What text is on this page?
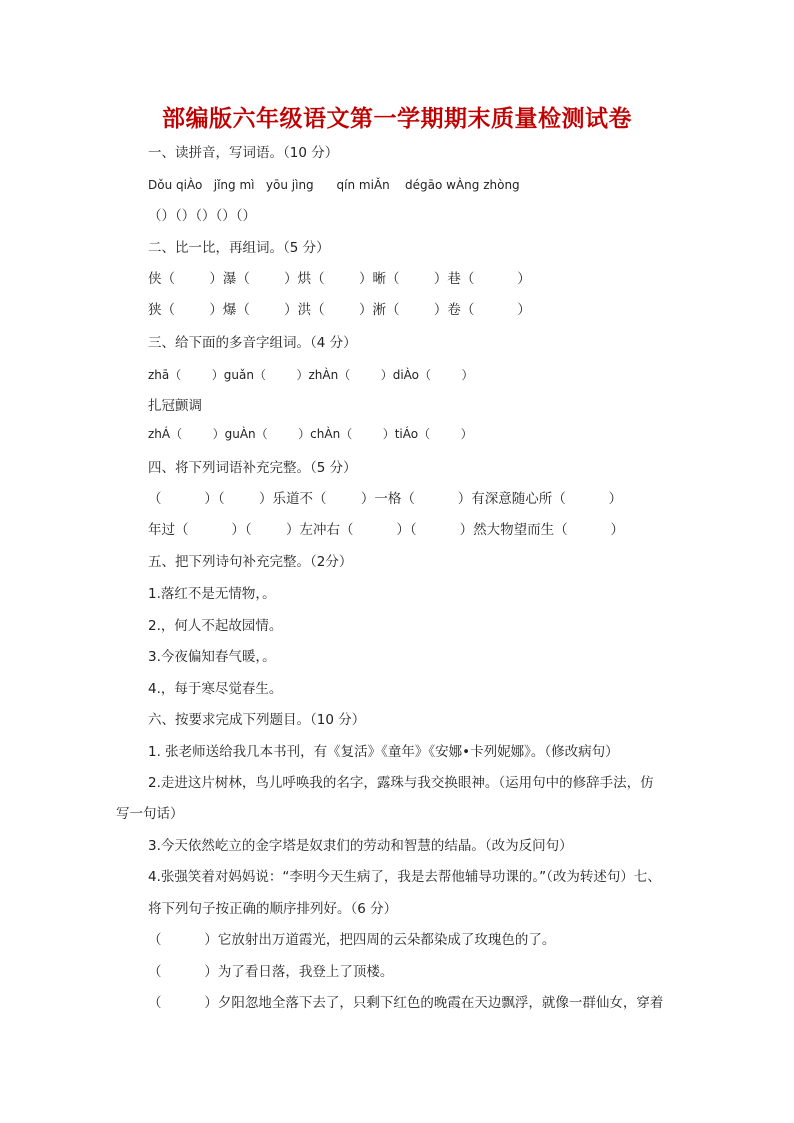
部编版六年级语文第一学期期末质量检测试卷
一、读拼音，写词语。（10 分）
Dǒu qiÀo   jǐng mì   yōu jìng      qín miǍn    dégāo wÀng zhòng
（）（）（）（）（）
二、比一比，再组词。（5 分）
侠（        ）瀑（        ）烘（        ）晰（        ）巷（          ）
狭（        ）爆（        ）洪（        ）淅（        ）卷（          ）
三、给下面的多音字组词。（4 分）
zhā（        ）guǎn（        ）zhÀn（        ）diÀo（        ）
扎冠颤调
zhÁ（        ）guÀn（        ）chÀn（        ）tiÁo（        ）
四、将下列词语补充完整。（5 分）
（          ）（        ）乐道不（        ）一格（          ）有深意随心所（          ）
年过（          ）（        ）左冲右（          ）（          ）然大物望而生（          ）
五、把下列诗句补充完整。（2分）
1.落红不是无情物，。
2.，何人不起故园情。
3.今夜偏知春气暖，。
4.，每于寒尽觉春生。
六、按要求完成下列题目。（10 分）
1. 张老师送给我几本书刊，有《复活》《童年》《安娜•卡列妮娜》。（修改病句）
2.走进这片树林，鸟儿呼唤我的名字，露珠与我交换眼神。（运用句中的修辞手法，仿
写一句话）
3.今天依然屹立的金字塔是奴隶们的劳动和智慧的结晶。（改为反问句）
4.张强笑着对妈妈说：“李明今天生病了，我是去帮他辅导功课的。”（改为转述句）七、
将下列句子按正确的顺序排列好。（6 分）
（          ）它放射出万道霞光，把四周的云朵都染成了玫瑰色的了。
（          ）为了看日落，我登上了顶楼。
（          ）夕阳忽地全落下去了，只剩下红色的晚霞在天边飘浮，就像一群仙女，穿着
